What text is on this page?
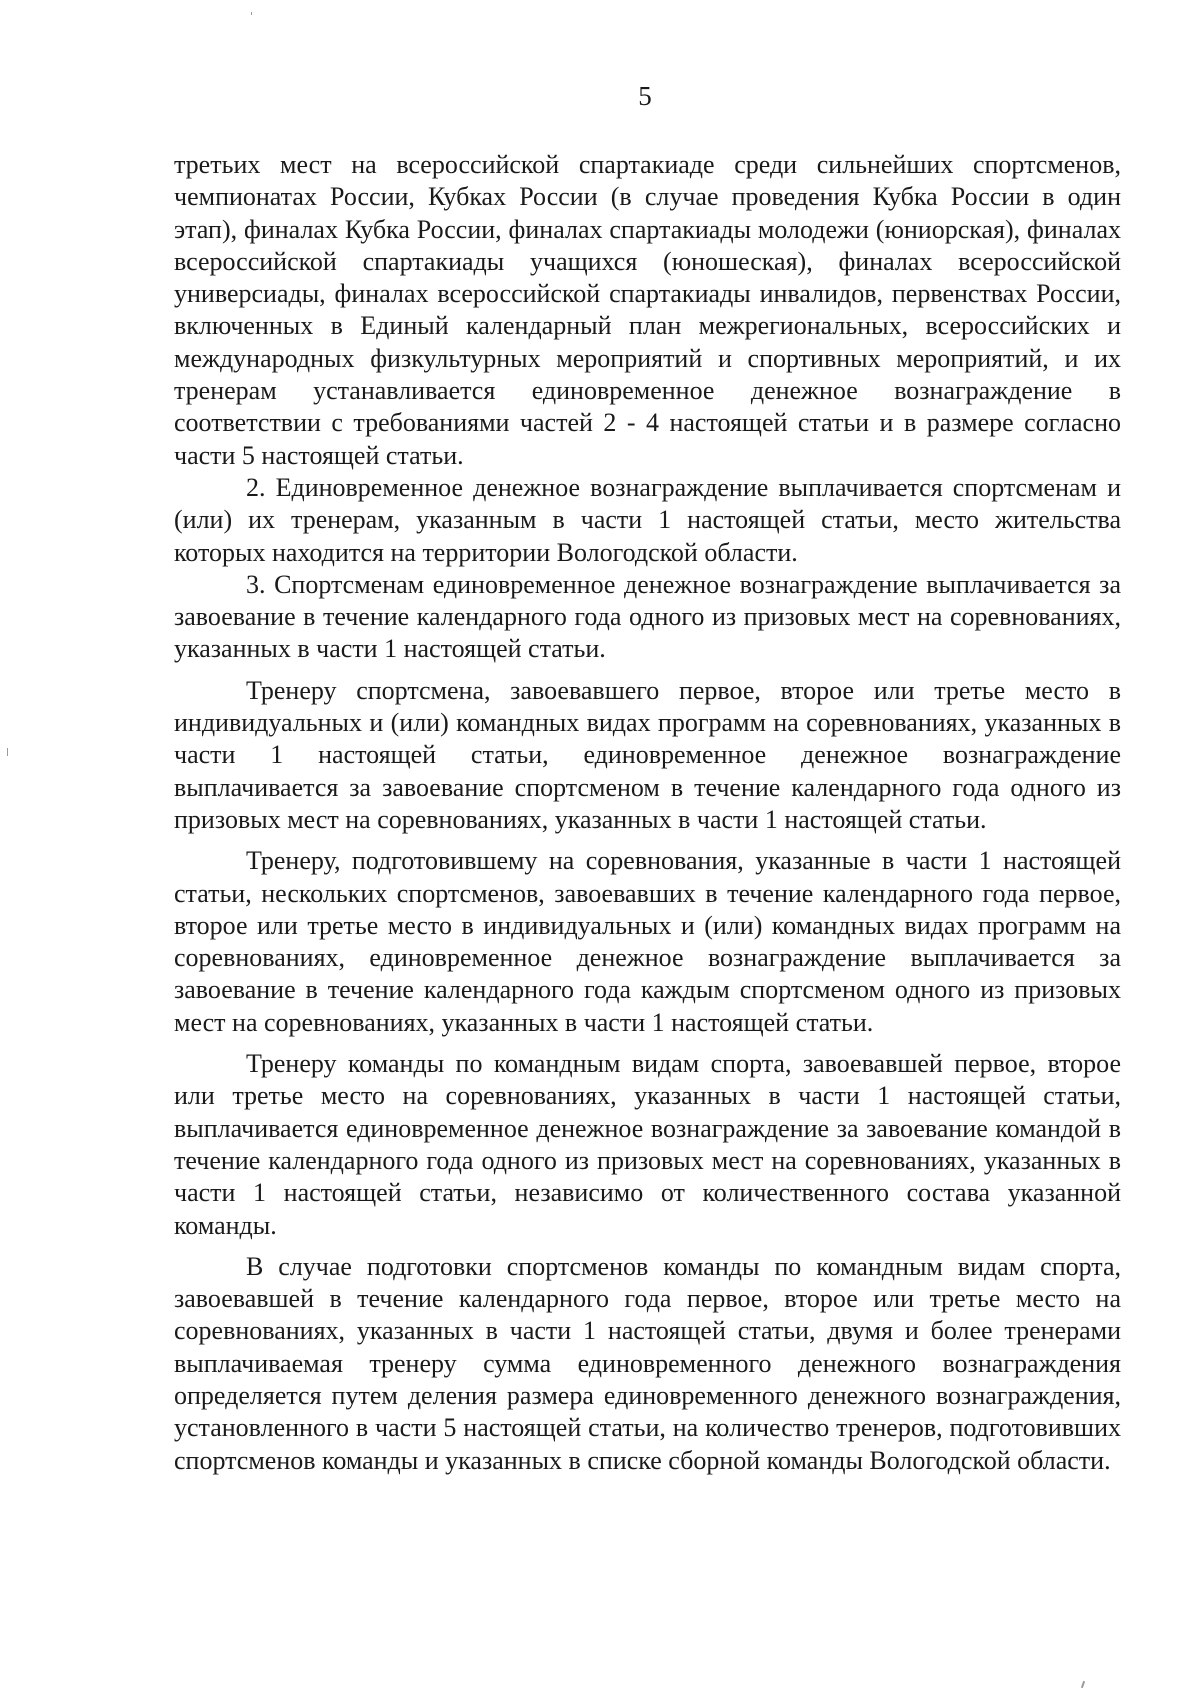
5

третьих мест на всероссийской спартакиаде среди сильнейших спортсменов, чемпионатах России, Кубках России (в случае проведения Кубка России в один этап), финалах Кубка России, финалах спартакиады молодежи (юниорская), финалах всероссийской спартакиады учащихся (юношеская), финалах всероссийской универсиады, финалах всероссийской спартакиады инвалидов, первенствах России, включенных в Единый календарный план межрегиональных, всероссийских и международных физкультурных мероприятий и спортивных мероприятий, и их тренерам устанавливается единовременное денежное вознаграждение в соответствии с требованиями частей 2 - 4 настоящей статьи и в размере согласно части 5 настоящей статьи.

2. Единовременное денежное вознаграждение выплачивается спортсменам и (или) их тренерам, указанным в части 1 настоящей статьи, место жительства которых находится на территории Вологодской области.

3. Спортсменам единовременное денежное вознаграждение выплачивается за завоевание в течение календарного года одного из призовых мест на соревнованиях, указанных в части 1 настоящей статьи.

Тренеру спортсмена, завоевавшего первое, второе или третье место в индивидуальных и (или) командных видах программ на соревнованиях, указанных в части 1 настоящей статьи, единовременное денежное вознаграждение выплачивается за завоевание спортсменом в течение календарного года одного из призовых мест на соревнованиях, указанных в части 1 настоящей статьи.

Тренеру, подготовившему на соревнования, указанные в части 1 настоящей статьи, нескольких спортсменов, завоевавших в течение календарного года первое, второе или третье место в индивидуальных и (или) командных видах программ на соревнованиях, единовременное денежное вознаграждение выплачивается за завоевание в течение календарного года каждым спортсменом одного из призовых мест на соревнованиях, указанных в части 1 настоящей статьи.

Тренеру команды по командным видам спорта, завоевавшей первое, второе или третье место на соревнованиях, указанных в части 1 настоящей статьи, выплачивается единовременное денежное вознаграждение за завоевание командой в течение календарного года одного из призовых мест на соревнованиях, указанных в части 1 настоящей статьи, независимо от количественного состава указанной команды.

В случае подготовки спортсменов команды по командным видам спорта, завоевавшей в течение календарного года первое, второе или третье место на соревнованиях, указанных в части 1 настоящей статьи, двумя и более тренерами выплачиваемая тренеру сумма единовременного денежного вознаграждения определяется путем деления размера единовременного денежного вознаграждения, установленного в части 5 настоящей статьи, на количество тренеров, подготовивших спортсменов команды и указанных в списке сборной команды Вологодской области.
